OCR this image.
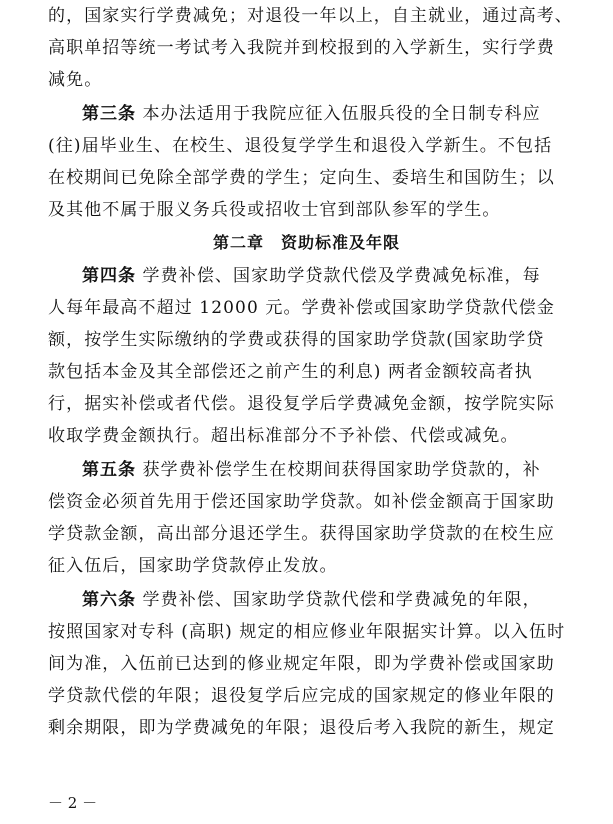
的，国家实行学费减免；对退役一年以上，自主就业，通过高考、
高职单招等统一考试考入我院并到校报到的入学新生，实行学费
减免。
第三条 本办法适用于我院应征入伍服兵役的全日制专科应
(往)届毕业生、在校生、退役复学学生和退役入学新生。不包括
在校期间已免除全部学费的学生；定向生、委培生和国防生；以
及其他不属于服义务兵役或招收士官到部队参军的学生。
第二章　资助标准及年限
第四条 学费补偿、国家助学贷款代偿及学费减免标准，每
人每年最高不超过 12000 元。学费补偿或国家助学贷款代偿金
额，按学生实际缴纳的学费或获得的国家助学贷款(国家助学贷
款包括本金及其全部偿还之前产生的利息) 两者金额较高者执
行，据实补偿或者代偿。退役复学后学费减免金额，按学院实际
收取学费金额执行。超出标准部分不予补偿、代偿或减免。
第五条 获学费补偿学生在校期间获得国家助学贷款的，补
偿资金必须首先用于偿还国家助学贷款。如补偿金额高于国家助
学贷款金额，高出部分退还学生。获得国家助学贷款的在校生应
征入伍后，国家助学贷款停止发放。
第六条 学费补偿、国家助学贷款代偿和学费减免的年限，
按照国家对专科 (高职) 规定的相应修业年限据实计算。以入伍时
间为准，入伍前已达到的修业规定年限，即为学费补偿或国家助
学贷款代偿的年限；退役复学后应完成的国家规定的修业年限的
剩余期限，即为学费减免的年限；退役后考入我院的新生，规定
－ 2 －
